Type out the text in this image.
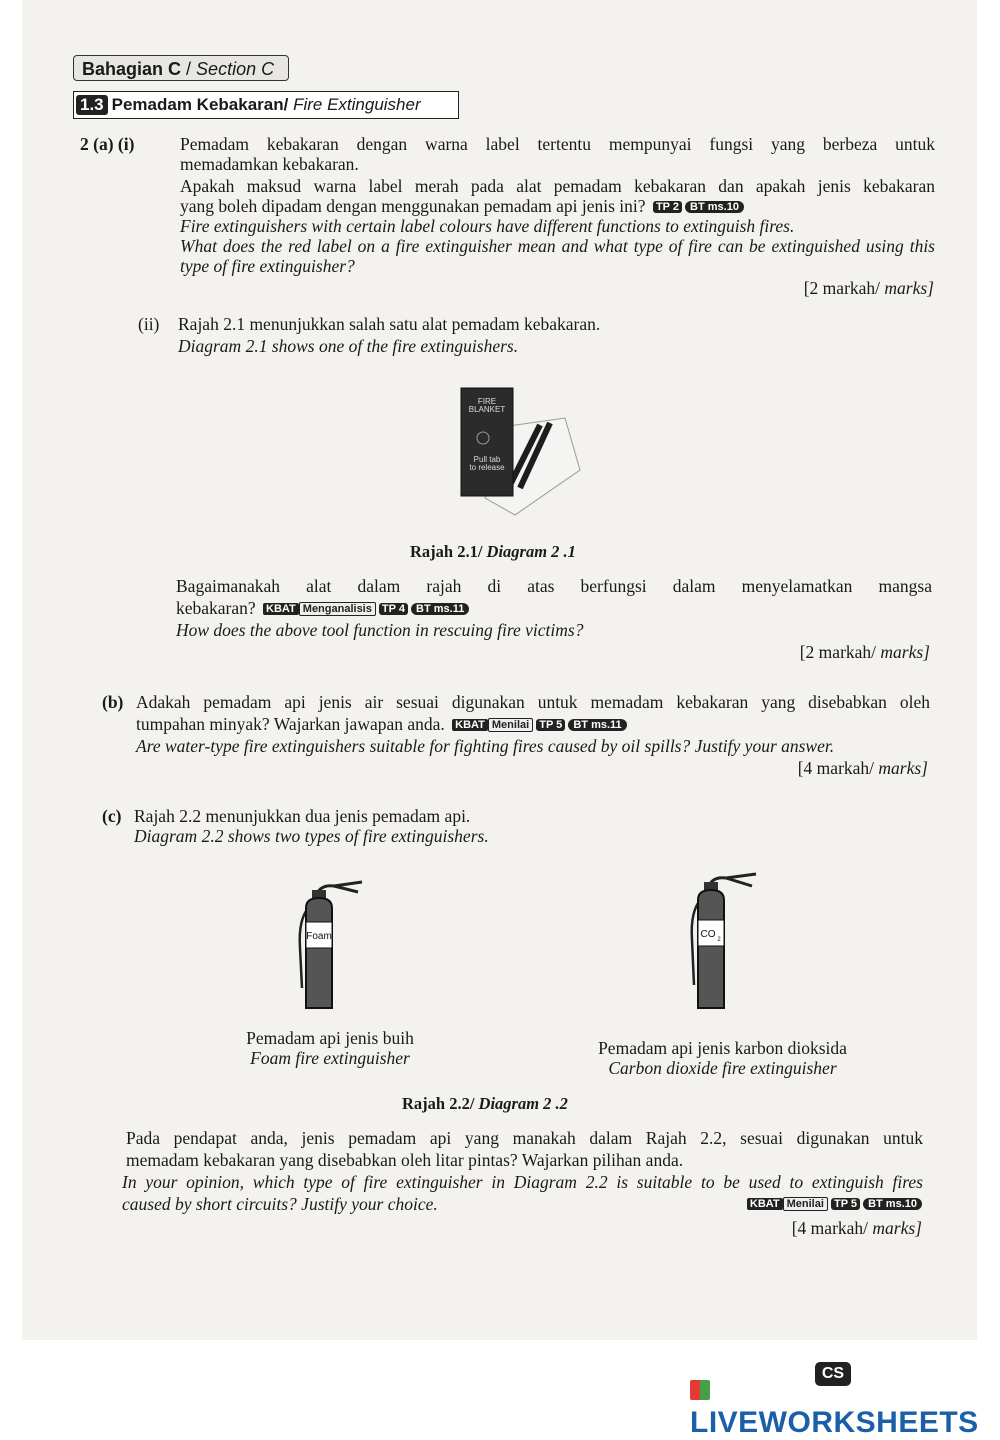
Bahagian C / Section C
1.3 Pemadam Kebakaran/ Fire Extinguisher
2 (a) (i)	Pemadam kebakaran dengan warna label tertentu mempunyai fungsi yang berbeza untuk
memadamkan kebakaran.
Apakah maksud warna label merah pada alat pemadam kebakaran dan apakah jenis kebakaran
yang boleh dipadam dengan menggunakan pemadam api jenis ini? TP 2 BT ms.10
Fire extinguishers with certain label colours have different functions to extinguish fires.
What does the red label on a fire extinguisher mean and what type of fire can be extinguished using this
type of fire extinguisher?
[2 markah/ marks]
(ii) Rajah 2.1 menunjukkan salah satu alat pemadam kebakaran.
Diagram 2.1 shows one of the fire extinguishers.
FIRE
BLANKET
Pull tab
to release
Rajah 2.1/ Diagram 2 .1
Bagaimanakah alat dalam rajah di atas berfungsi dalam menyelamatkan mangsa
kebakaran? KBAT Menganalisis TP 4 BT ms.11
How does the above tool function in rescuing fire victims?
[2 markah/ marks]
(b) Adakah pemadam api jenis air sesuai digunakan untuk memadam kebakaran yang disebabkan oleh
tumpahan minyak? Wajarkan jawapan anda. KBAT Menilai TP 5 BT ms.11
Are water-type fire extinguishers suitable for fighting fires caused by oil spills? Justify your answer.
[4 markah/ marks]
(c) Rajah 2.2 menunjukkan dua jenis pemadam api.
Diagram 2.2 shows two types of fire extinguishers.
Foam	CO 2
Pemadam api jenis buih
Foam fire extinguisher	Pemadam api jenis karbon dioksida
Carbon dioxide fire extinguisher
Rajah 2.2/ Diagram 2 .2
Pada pendapat anda, jenis pemadam api yang manakah dalam Rajah 2.2, sesuai digunakan untuk
memadam kebakaran yang disebabkan oleh litar pintas? Wajarkan pilihan anda.
In your opinion, which type of fire extinguisher in Diagram 2.2 is suitable to be used to extinguish fires
caused by short circuits? Justify your choice.	KBAT Menilai TP 5 BT ms.10
[4 markah/ marks]
CS
LIVEWORKSHEETS
